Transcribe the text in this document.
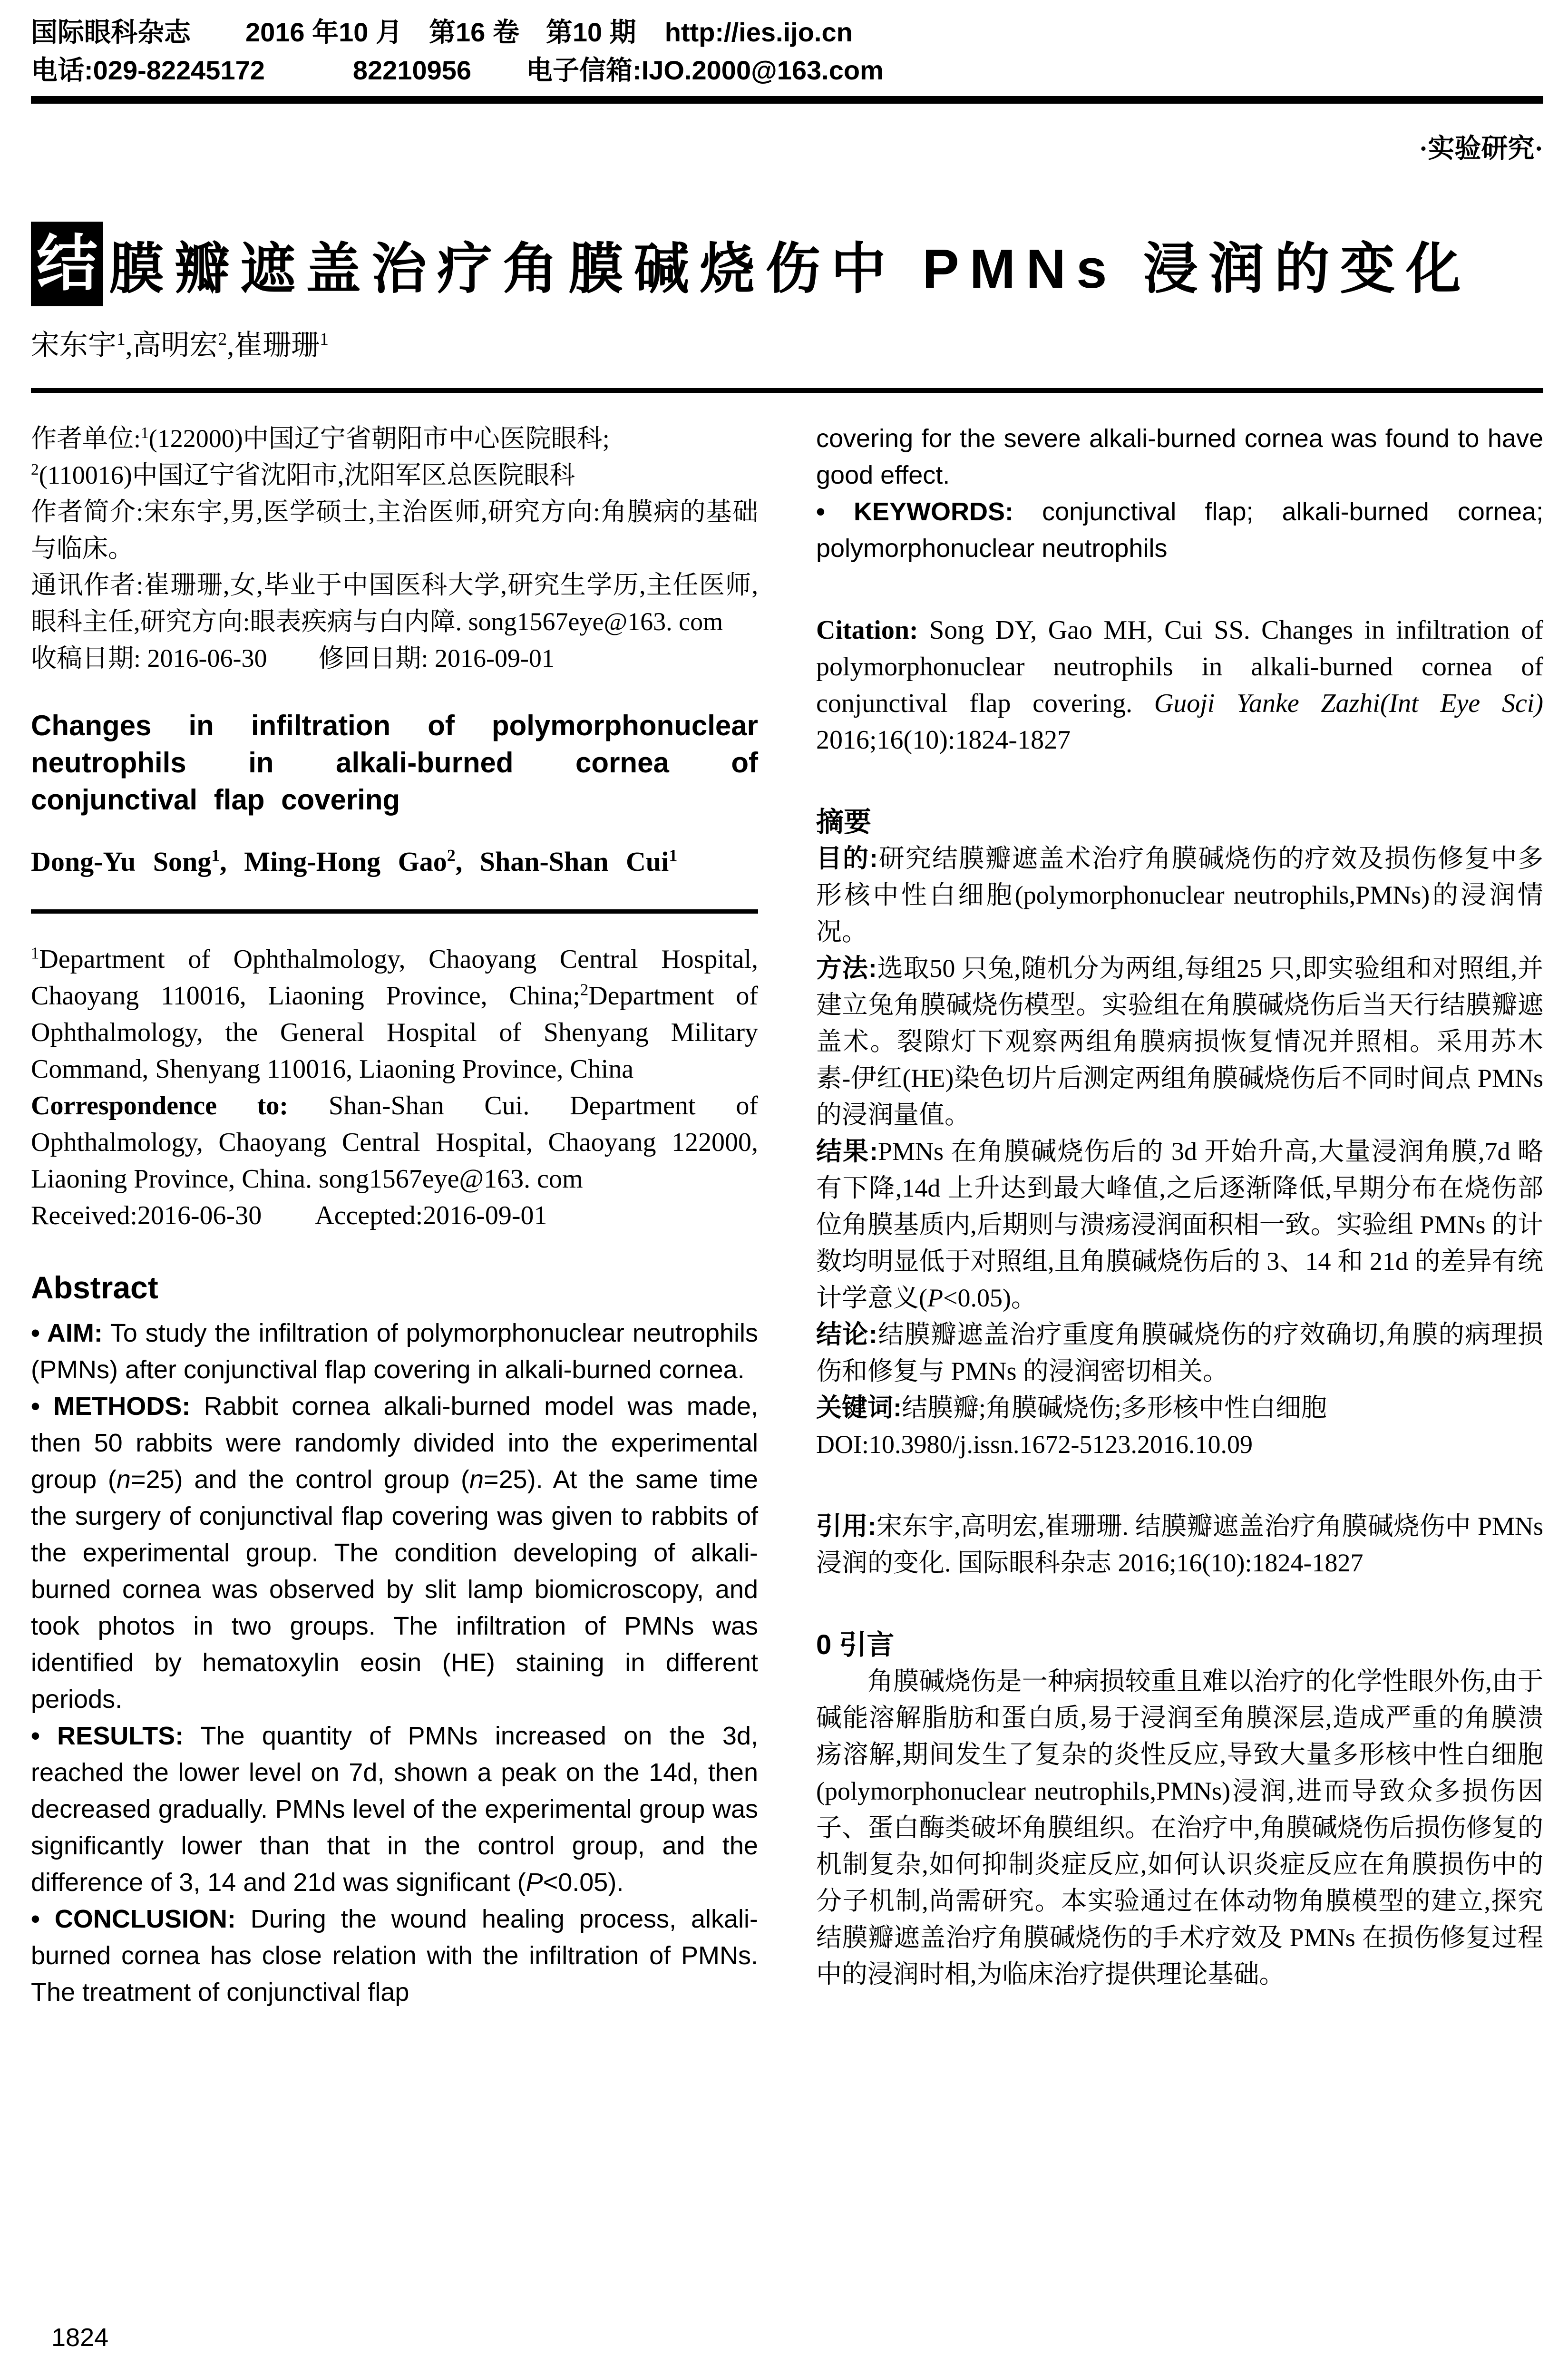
国际眼科杂志 2016 年10 月　第16 卷　第10 期 http://ies.ijo.cn
电话:029-82245172	82210956 电子信箱:IJO.2000@163.com
·实验研究·
结 膜瓣遮盖治疗角膜碱烧伤中 PMNs 浸润的变化

宋东宇$^1$,高明宏$^2$,崔珊珊$^1$

作者单位:$^1$(122000)中国辽宁省朝阳市中心医院眼科;

$^2$(110016)中国辽宁省沈阳市,沈阳军区总医院眼科

作者简介:宋东宇,男,医学硕士,主治医师,研究方向:角膜病的基础与临床。

通讯作者:崔珊珊,女,毕业于中国医科大学,研究生学历,主任医师,眼科主任,研究方向:眼表疾病与白内障. song1567eye@163. com

收稿日期: 2016-06-30　　修回日期: 2016-09-01

Changes in infiltration of polymorphonuclear neutrophils in alkali-burned cornea of conjunctival flap covering

Dong-Yu Song$^1$, Ming-Hong Gao$^2$, Shan-Shan Cui$^1$

$^1$Department of Ophthalmology, Chaoyang Central Hospital, Chaoyang 110016, Liaoning Province, China;$^2$Department of Ophthalmology, the General Hospital of Shenyang Military Command, Shenyang 110016, Liaoning Province, China

Correspondence to: Shan-Shan Cui. Department of Ophthalmology, Chaoyang Central Hospital, Chaoyang 122000, Liaoning Province, China. song1567eye@163. com

Received:2016-06-30　　Accepted:2016-09-01

Abstract

• AIM: To study the infiltration of polymorphonuclear neutrophils (PMNs) after conjunctival flap covering in alkali-burned cornea.

• METHODS: Rabbit cornea alkali-burned model was made, then 50 rabbits were randomly divided into the experimental group (n=25) and the control group (n=25). At the same time the surgery of conjunctival flap covering was given to rabbits of the experimental group. The condition developing of alkali-burned cornea was observed by slit lamp biomicroscopy, and took photos in two groups. The infiltration of PMNs was identified by hematoxylin eosin (HE) staining in different periods.

• RESULTS: The quantity of PMNs increased on the 3d, reached the lower level on 7d, shown a peak on the 14d, then decreased gradually. PMNs level of the experimental group was significantly lower than that in the control group, and the difference of 3, 14 and 21d was significant (P<0.05).

• CONCLUSION: During the wound healing process, alkali-burned cornea has close relation with the infiltration of PMNs. The treatment of conjunctival flap

covering for the severe alkali-burned cornea was found to have good effect.

• KEYWORDS: conjunctival flap; alkali-burned cornea; polymorphonuclear neutrophils

Citation: Song DY, Gao MH, Cui SS. Changes in infiltration of polymorphonuclear neutrophils in alkali-burned cornea of conjunctival flap covering. Guoji Yanke Zazhi(Int Eye Sci) 2016;16(10):1824-1827

摘要

目的:研究结膜瓣遮盖术治疗角膜碱烧伤的疗效及损伤修复中多形核中性白细胞(polymorphonuclear neutrophils,PMNs)的浸润情况。

方法:选取50 只兔,随机分为两组,每组25 只,即实验组和对照组,并建立兔角膜碱烧伤模型。实验组在角膜碱烧伤后当天行结膜瓣遮盖术。裂隙灯下观察两组角膜病损恢复情况并照相。采用苏木素-伊红(HE)染色切片后测定两组角膜碱烧伤后不同时间点 PMNs 的浸润量值。

结果:PMNs 在角膜碱烧伤后的 3d 开始升高,大量浸润角膜,7d 略有下降,14d 上升达到最大峰值,之后逐渐降低,早期分布在烧伤部位角膜基质内,后期则与溃疡浸润面积相一致。实验组 PMNs 的计数均明显低于对照组,且角膜碱烧伤后的 3、14 和 21d 的差异有统计学意义(P<0.05)。

结论:结膜瓣遮盖治疗重度角膜碱烧伤的疗效确切,角膜的病理损伤和修复与 PMNs 的浸润密切相关。

关键词:结膜瓣;角膜碱烧伤;多形核中性白细胞

DOI:10.3980/j.issn.1672-5123.2016.10.09

引用:宋东宇,高明宏,崔珊珊. 结膜瓣遮盖治疗角膜碱烧伤中 PMNs 浸润的变化. 国际眼科杂志 2016;16(10):1824-1827

0 引言

角膜碱烧伤是一种病损较重且难以治疗的化学性眼外伤,由于碱能溶解脂肪和蛋白质,易于浸润至角膜深层,造成严重的角膜溃疡溶解,期间发生了复杂的炎性反应,导致大量多形核中性白细胞(polymorphonuclear neutrophils,PMNs)浸润,进而导致众多损伤因子、蛋白酶类破坏角膜组织。在治疗中,角膜碱烧伤后损伤修复的机制复杂,如何抑制炎症反应,如何认识炎症反应在角膜损伤中的分子机制,尚需研究。本实验通过在体动物角膜模型的建立,探究结膜瓣遮盖治疗角膜碱烧伤的手术疗效及 PMNs 在损伤修复过程中的浸润时相,为临床治疗提供理论基础。

1824
